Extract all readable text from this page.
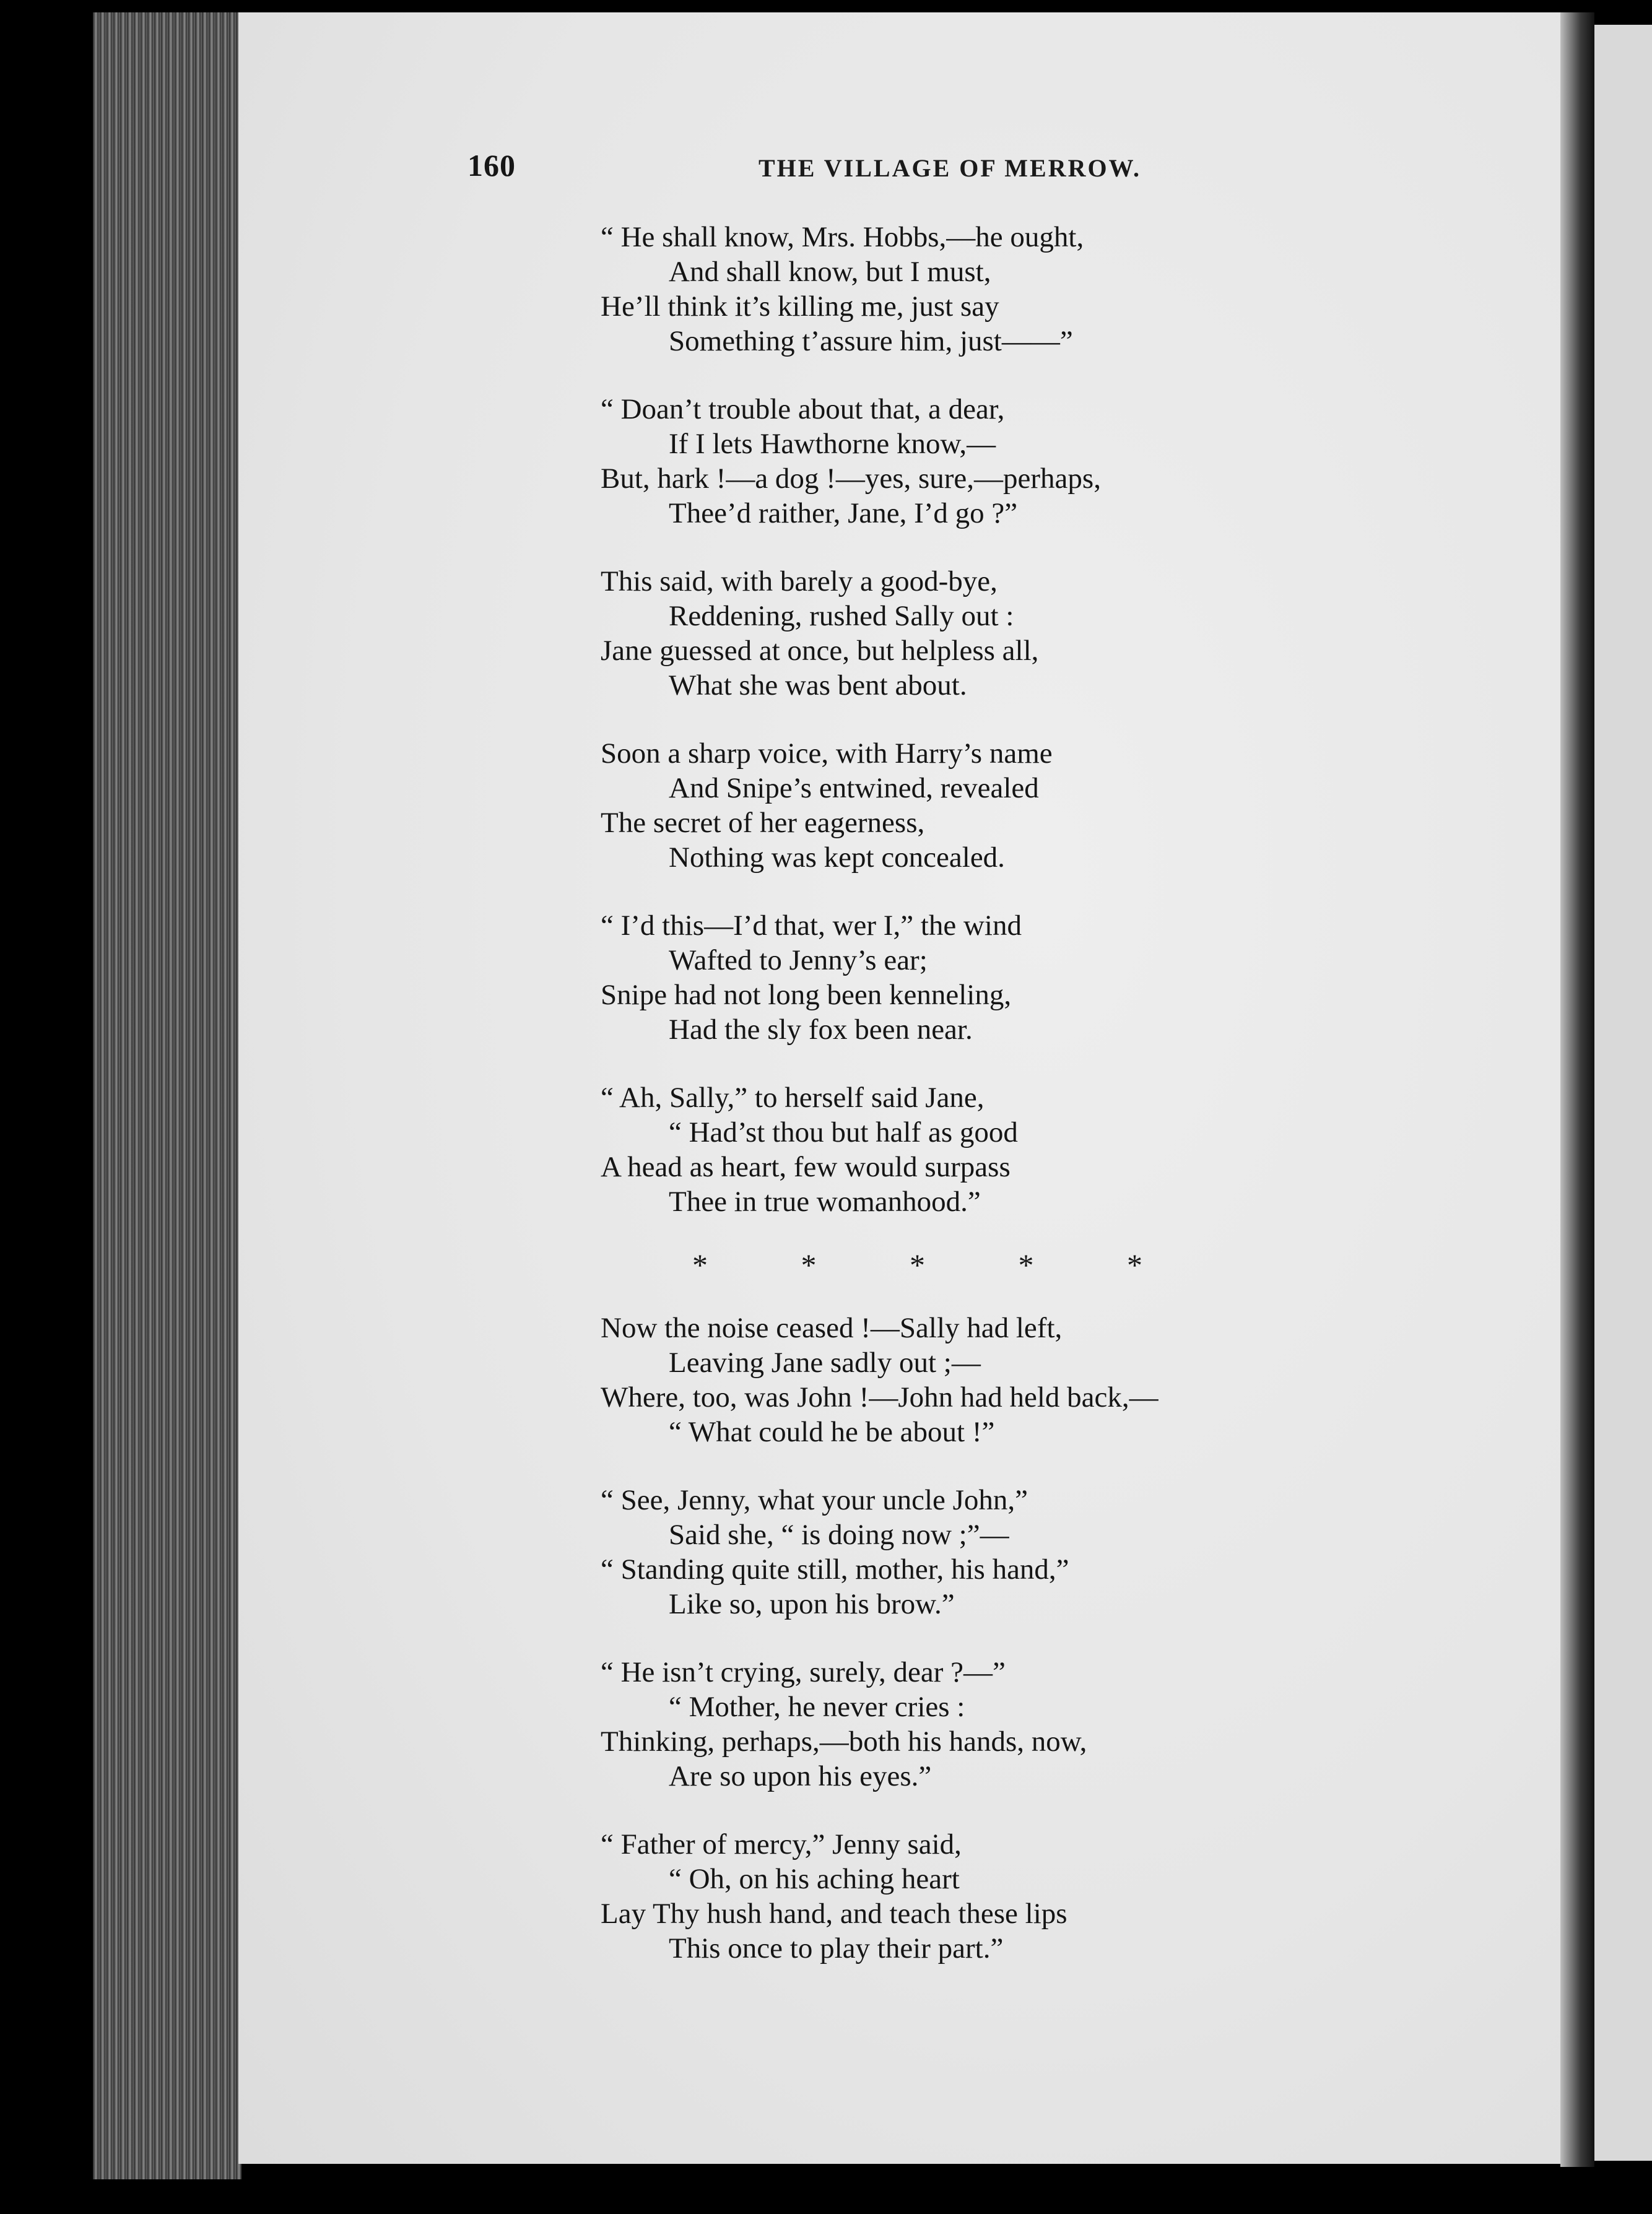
160	THE VILLAGE OF MERROW.
“ He shall know, Mrs. Hobbs,—he ought,
And shall know, but I must,
He’ll think it’s killing me, just say
Something t’assure him, just——”
“ Doan’t trouble about that, a dear,
If I lets Hawthorne know,—
But, hark !—a dog !—yes, sure,—perhaps,
Thee’d raither, Jane, I’d go ?”
This said, with barely a good-bye,
Reddening, rushed Sally out :
Jane guessed at once, but helpless all,
What she was bent about.
Soon a sharp voice, with Harry’s name
And Snipe’s entwined, revealed
The secret of her eagerness,
Nothing was kept concealed.
“ I’d this—I’d that, wer I,” the wind
Wafted to Jenny’s ear;
Snipe had not long been kenneling,
Had the sly fox been near.
“ Ah, Sally,” to herself said Jane,
“ Had’st thou but half as good
A head as heart, few would surpass
Thee in true womanhood.”
* * * * *
Now the noise ceased !—Sally had left,
Leaving Jane sadly out ;—
Where, too, was John !—John had held back,—
“ What could he be about !”
“ See, Jenny, what your uncle John,”
Said she, “ is doing now ;”—
“ Standing quite still, mother, his hand,”
Like so, upon his brow.”
“ He isn’t crying, surely, dear ?—”
“ Mother, he never cries :
Thinking, perhaps,—both his hands, now,
Are so upon his eyes.”
“ Father of mercy,” Jenny said,
“ Oh, on his aching heart
Lay Thy hush hand, and teach these lips
This once to play their part.”
